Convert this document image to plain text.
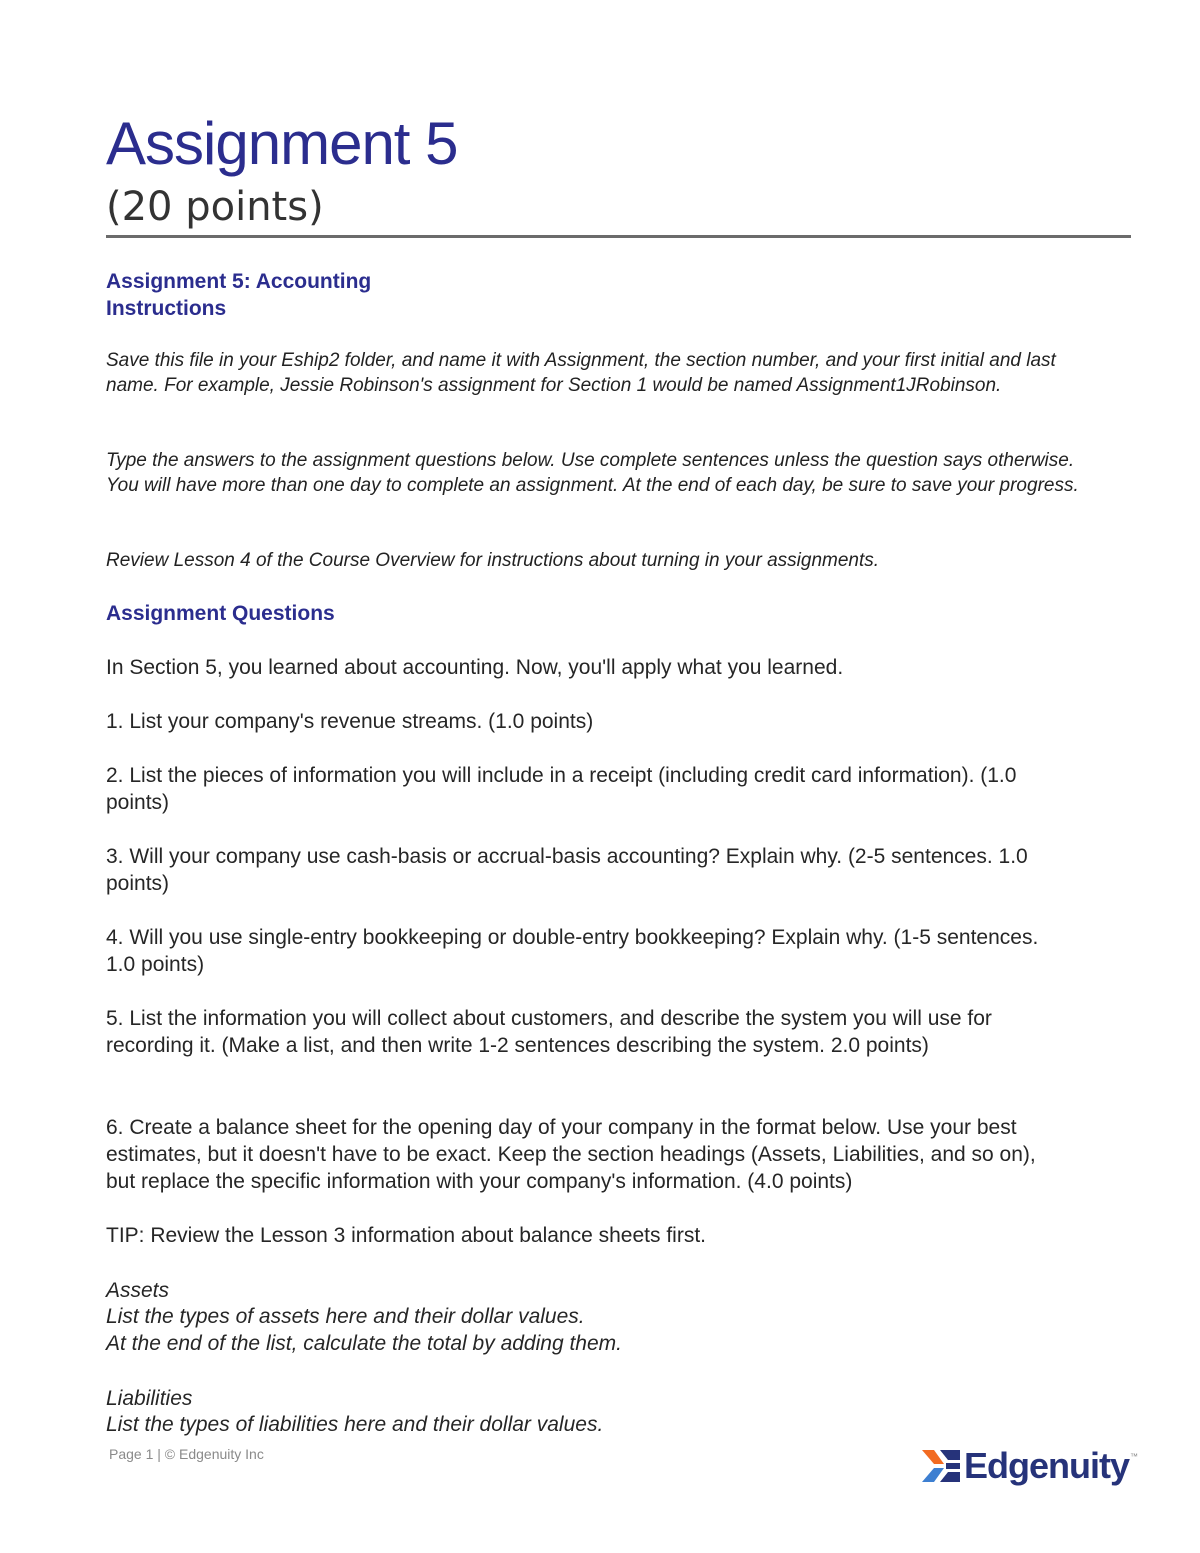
Assignment 5
(20 points)
Assignment 5: Accounting
Instructions

Save this file in your Eship2 folder, and name it with Assignment, the section number, and your first initial and last name. For example, Jessie Robinson's assignment for Section 1 would be named Assignment1JRobinson.

Type the answers to the assignment questions below. Use complete sentences unless the question says otherwise. You will have more than one day to complete an assignment. At the end of each day, be sure to save your progress.

Review Lesson 4 of the Course Overview for instructions about turning in your assignments.

Assignment Questions

In Section 5, you learned about accounting. Now, you'll apply what you learned.

1. List your company's revenue streams. (1.0 points)

2. List the pieces of information you will include in a receipt (including credit card information). (1.0 points)

3. Will your company use cash-basis or accrual-basis accounting? Explain why. (2-5 sentences. 1.0 points)

4. Will you use single-entry bookkeeping or double-entry bookkeeping? Explain why. (1-5 sentences. 1.0 points)

5. List the information you will collect about customers, and describe the system you will use for recording it. (Make a list, and then write 1-2 sentences describing the system. 2.0 points)

6. Create a balance sheet for the opening day of your company in the format below. Use your best estimates, but it doesn't have to be exact. Keep the section headings (Assets, Liabilities, and so on), but replace the specific information with your company's information. (4.0 points)

TIP: Review the Lesson 3 information about balance sheets first.

Assets

List the types of assets here and their dollar values.

At the end of the list, calculate the total by adding them.

Liabilities

List the types of liabilities here and their dollar values.

Page 1 | © Edgenuity Inc	Edgenuity ™
